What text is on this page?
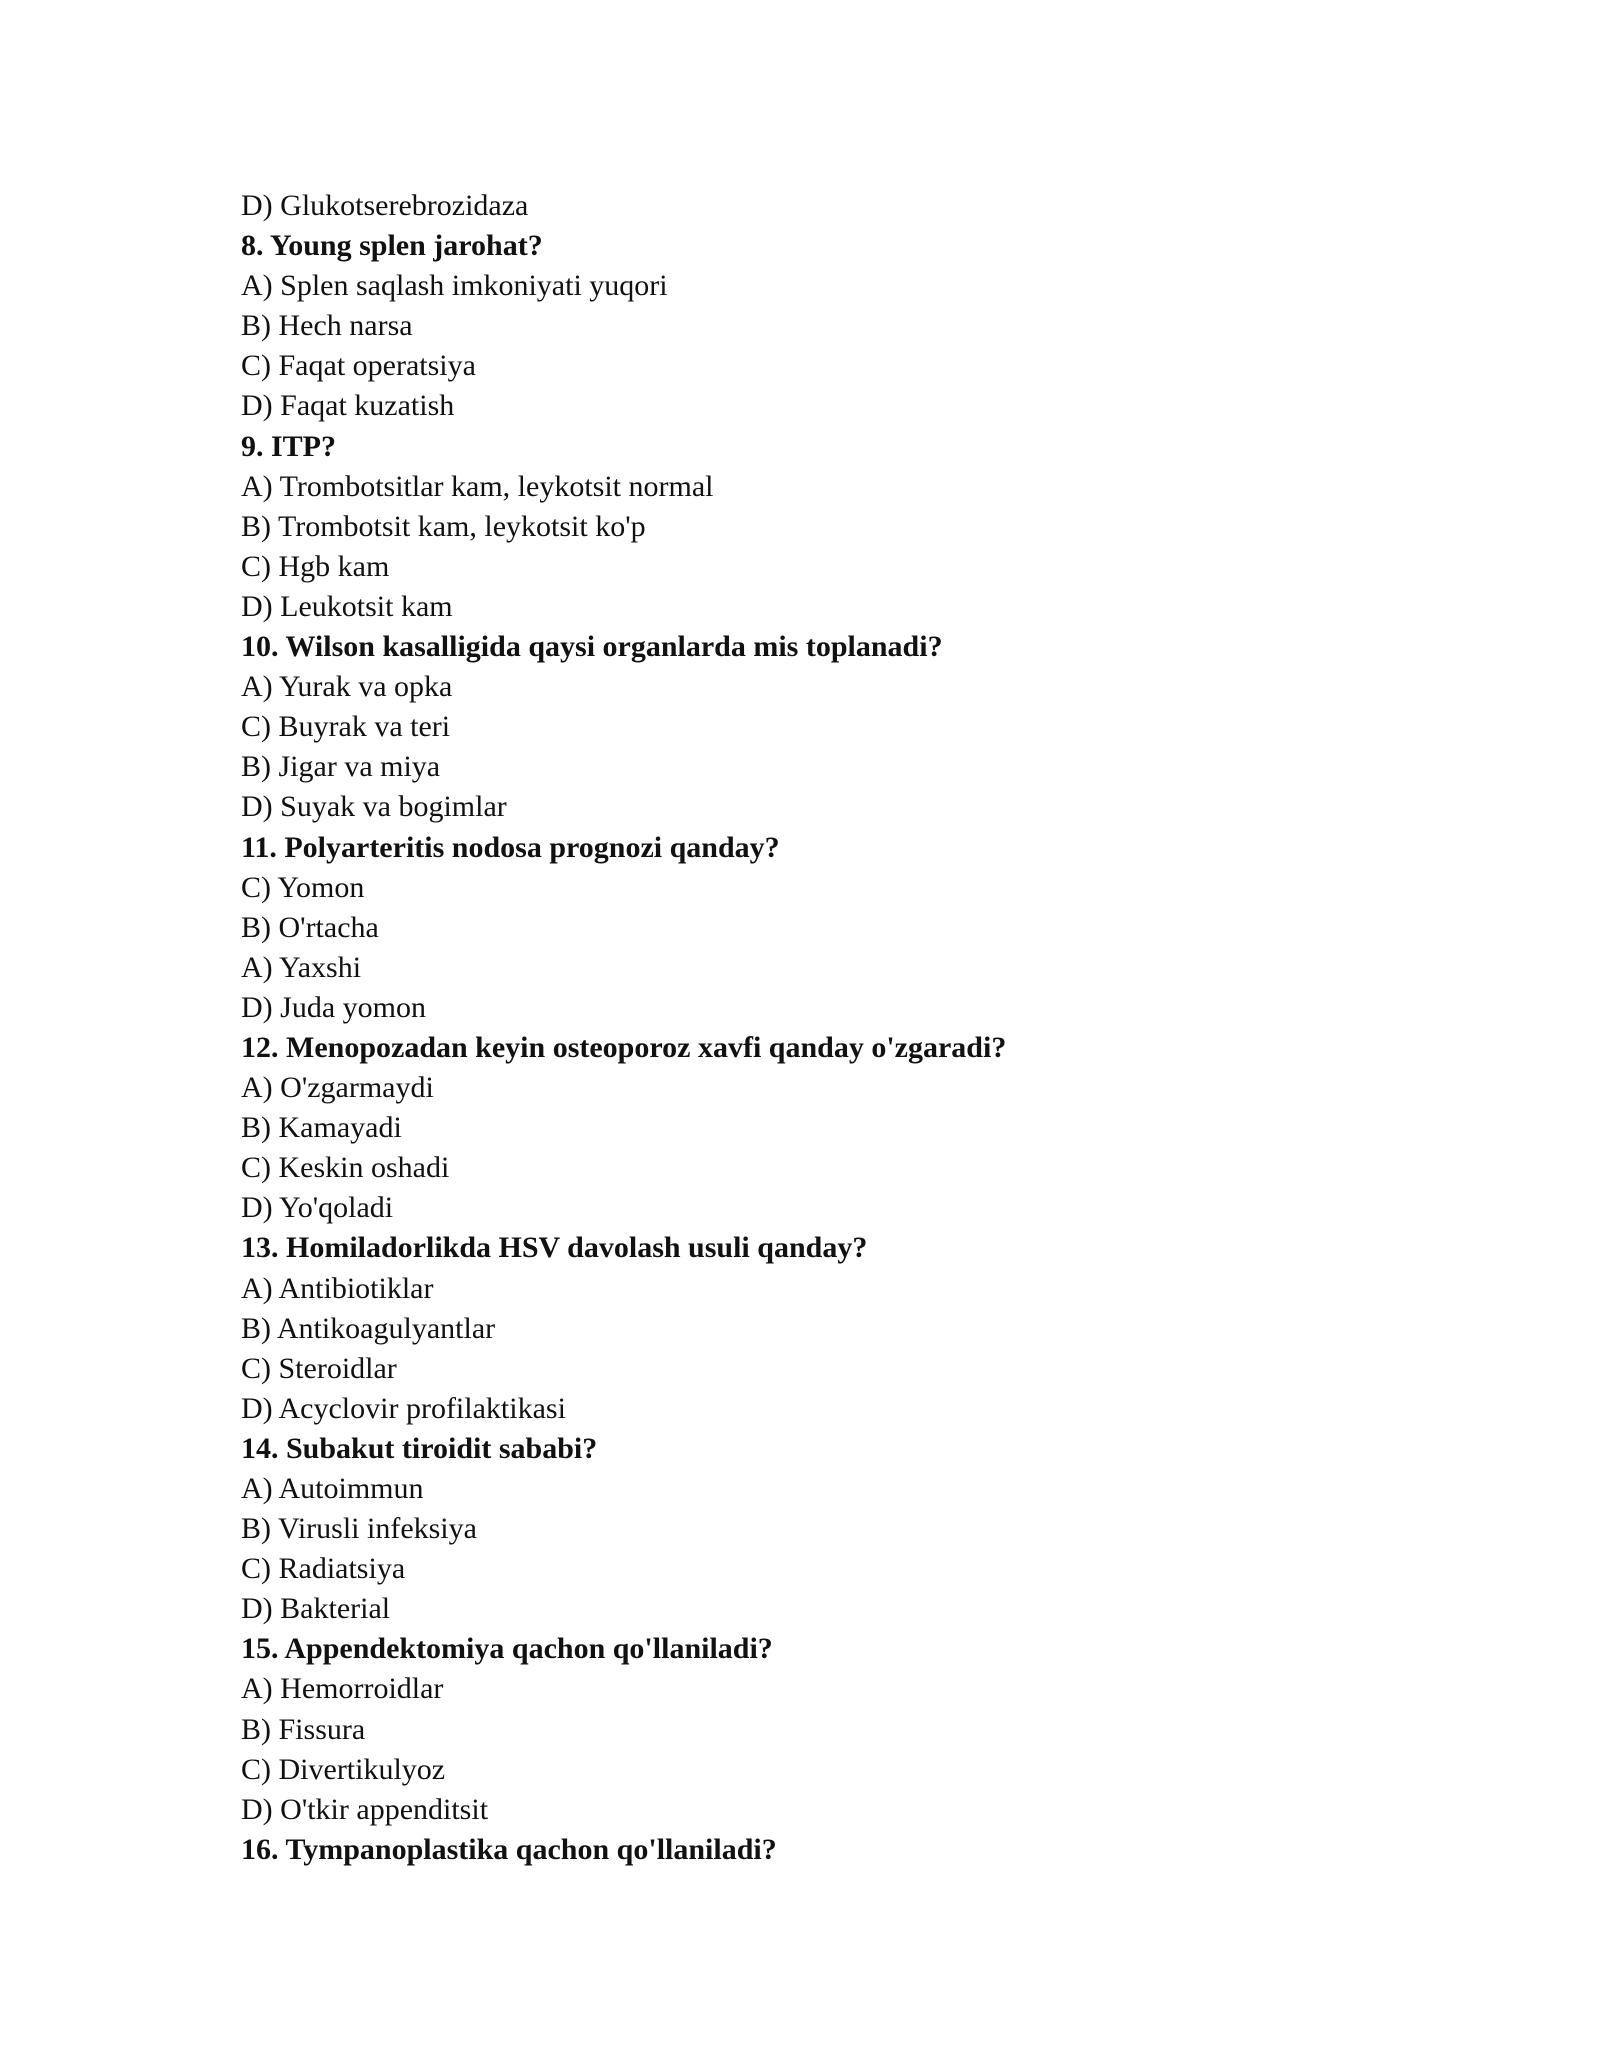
D) Glukotserebrozidaza
8. Young splen jarohat?
A) Splen saqlash imkoniyati yuqori
B) Hech narsa
C) Faqat operatsiya
D) Faqat kuzatish
9. ITP?
A) Trombotsitlar kam, leykotsit normal
B) Trombotsit kam, leykotsit ko'p
C) Hgb kam
D) Leukotsit kam
10. Wilson kasalligida qaysi organlarda mis toplanadi?
A) Yurak va opka
C) Buyrak va teri
B) Jigar va miya
D) Suyak va bogimlar
11. Polyarteritis nodosa prognozi qanday?
C) Yomon
B) O'rtacha
A) Yaxshi
D) Juda yomon
12. Menopozadan keyin osteoporoz xavfi qanday o'zgaradi?
A) O'zgarmaydi
B) Kamayadi
C) Keskin oshadi
D) Yo'qoladi
13. Homiladorlikda HSV davolash usuli qanday?
A) Antibiotiklar
B) Antikoagulyantlar
C) Steroidlar
D) Acyclovir profilaktikasi
14. Subakut tiroidit sababi?
A) Autoimmun
B) Virusli infeksiya
C) Radiatsiya
D) Bakterial
15. Appendektomiya qachon qo'llaniladi?
A) Hemorroidlar
B) Fissura
C) Divertikulyoz
D) O'tkir appenditsit
16. Tympanoplastika qachon qo'llaniladi?
